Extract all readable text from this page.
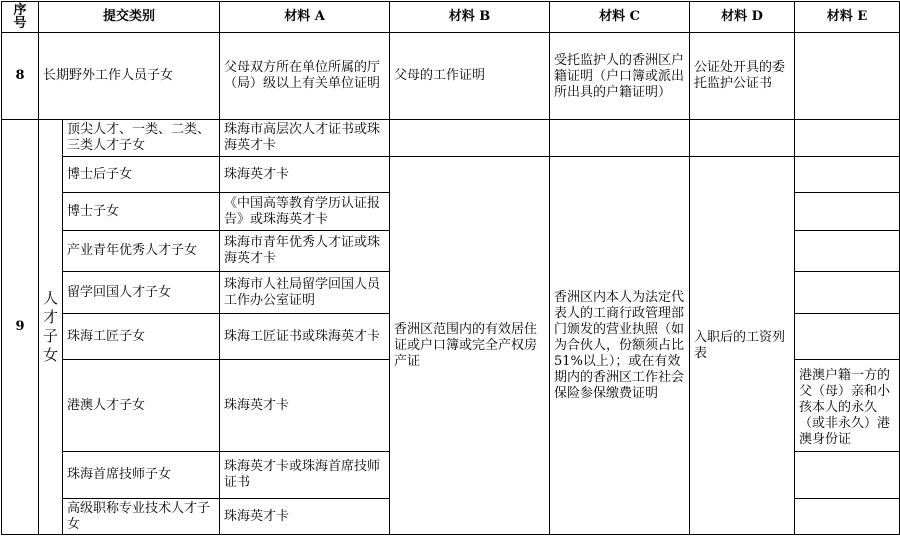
序号	提交类别		材料 A	材料 B	材料 C	材料 D	材料 E
8	长期野外工作人员子女		父母双方所在单位所属的厅（局）级以上有关单位证明	父母的工作证明	受托监护人的香洲区户籍证明（户口簿或派出所出具的户籍证明）	公证处开具的委托监护公证书	
9	人才子女	顶尖人才、一类、二类、三类人才子女	珠海市高层次人才证书或珠海英才卡				
		博士后子女	珠海英才卡	香洲区范围内的有效居住证或户口簿或完全产权房产证	香洲区内本人为法定代表人的工商行政管理部门颁发的营业执照（如为合伙人，份额须占比 51%以上）；或在有效期内的香洲区工作社会保险参保缴费证明	入职后的工资列表	
		博士子女	《中国高等教育学历认证报告》或珠海英才卡				
		产业青年优秀人才子女	珠海市青年优秀人才证或珠海英才卡				
		留学回国人才子女	珠海市人社局留学回国人员工作办公室证明				
		珠海工匠子女	珠海工匠证书或珠海英才卡				
		港澳人才子女	珠海英才卡				港澳户籍一方的父（母）亲和小孩本人的永久（或非永久）港澳身份证
		珠海首席技师子女	珠海英才卡或珠海首席技师证书				
		高级职称专业技术人才子女	珠海英才卡				
